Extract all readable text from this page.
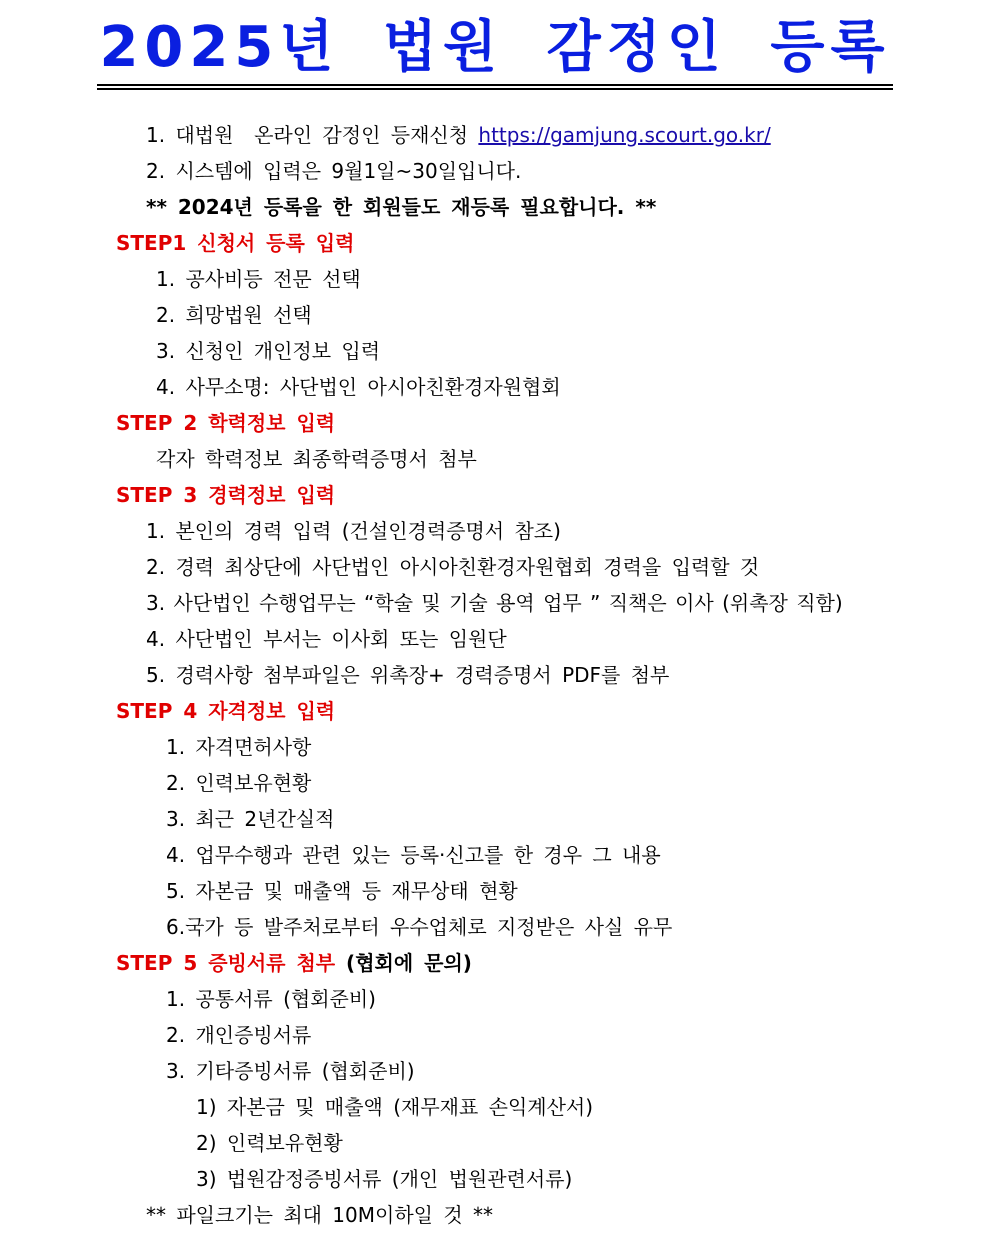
2025년 법원 감정인 등록
1. 대법원  온라인 감정인 등재신청 https://gamjung.scourt.go.kr/
2. 시스템에 입력은 9월1일~30일입니다.
** 2024년 등록을 한 회원들도 재등록 필요합니다. **
STEP1 신청서 등록 입력
1. 공사비등 전문 선택
2. 희망법원 선택
3. 신청인 개인정보 입력
4. 사무소명: 사단법인 아시아친환경자원협회
STEP 2 학력정보 입력
각자 학력정보 최종학력증명서 첨부
STEP 3 경력정보 입력
1. 본인의 경력 입력 (건설인경력증명서 참조)
2. 경력 최상단에 사단법인 아시아친환경자원협회 경력을 입력할 것
3. 사단법인 수행업무는 “학술 및 기술 용역 업무 ” 직책은 이사 (위촉장 직함)
4. 사단법인 부서는 이사회 또는 임원단
5. 경력사항 첨부파일은 위촉장+ 경력증명서 PDF를 첨부
STEP 4 자격정보 입력
1. 자격면허사항
2. 인력보유현황
3. 최근 2년간실적
4. 업무수행과 관련 있는 등록·신고를 한 경우 그 내용
5. 자본금 및 매출액 등 재무상태 현황
6.국가 등 발주처로부터 우수업체로 지정받은 사실 유무
STEP 5 증빙서류 첨부 (협회에 문의)
1. 공통서류 (협회준비)
2. 개인증빙서류
3. 기타증빙서류 (협회준비)
1) 자본금 및 매출액 (재무재표 손익계산서)
2) 인력보유현황
3) 법원감정증빙서류 (개인 법원관련서류)
** 파일크기는 최대 10M이하일 것 **
